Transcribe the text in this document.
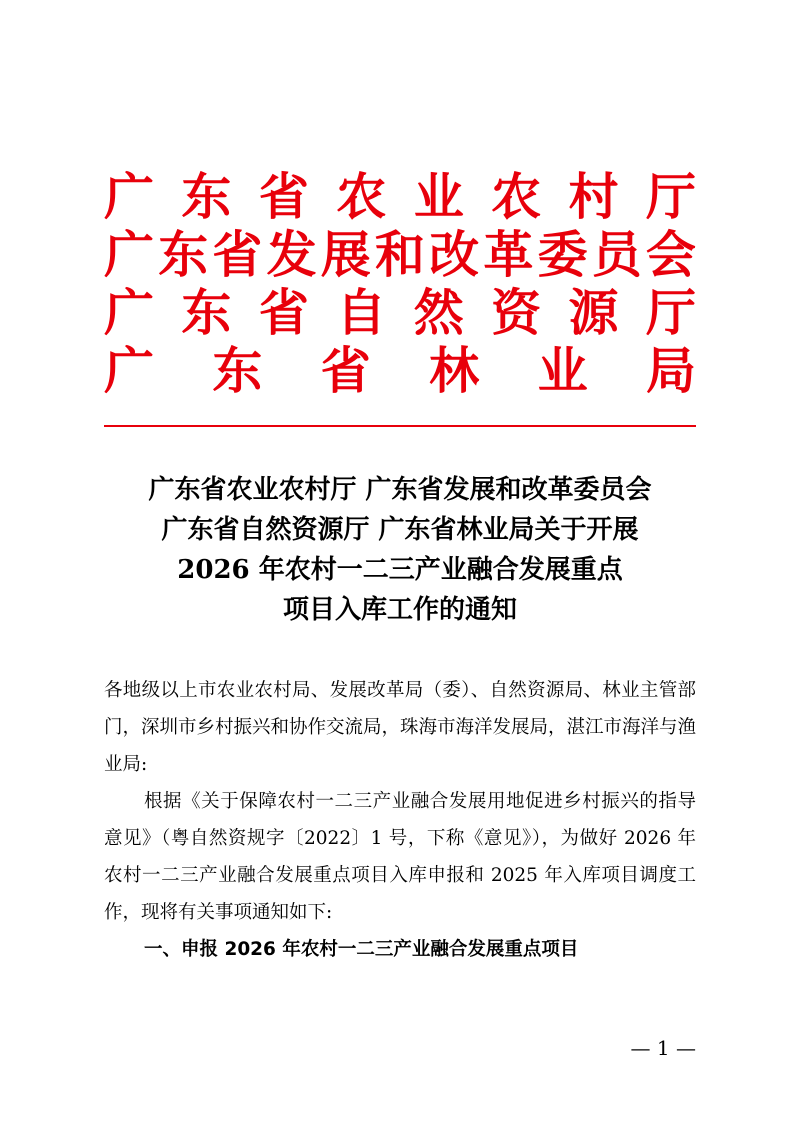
广 东 省 农 业 农 村 厅
广 东 省 发 展 和 改 革 委 员 会
广 东 省 自 然 资 源 厅
广 东 省 林 业 局
广东省农业农村厅 广东省发展和改革委员会
广东省自然资源厅 广东省林业局关于开展
2026 年农村一二三产业融合发展重点
项目入库工作的通知
各地级以上市农业农村局、发展改革局（委）、自然资源局、林业主管部门，深圳市乡村振兴和协作交流局，珠海市海洋发展局，湛江市海洋与渔业局:
根据《关于保障农村一二三产业融合发展用地促进乡村振兴的指导意见》（粤自然资规字〔2022〕1 号，下称《意见》），为做好 2026 年农村一二三产业融合发展重点项目入库申报和 2025 年入库项目调度工作，现将有关事项通知如下:
一、申报 2026 年农村一二三产业融合发展重点项目
— 1 —
